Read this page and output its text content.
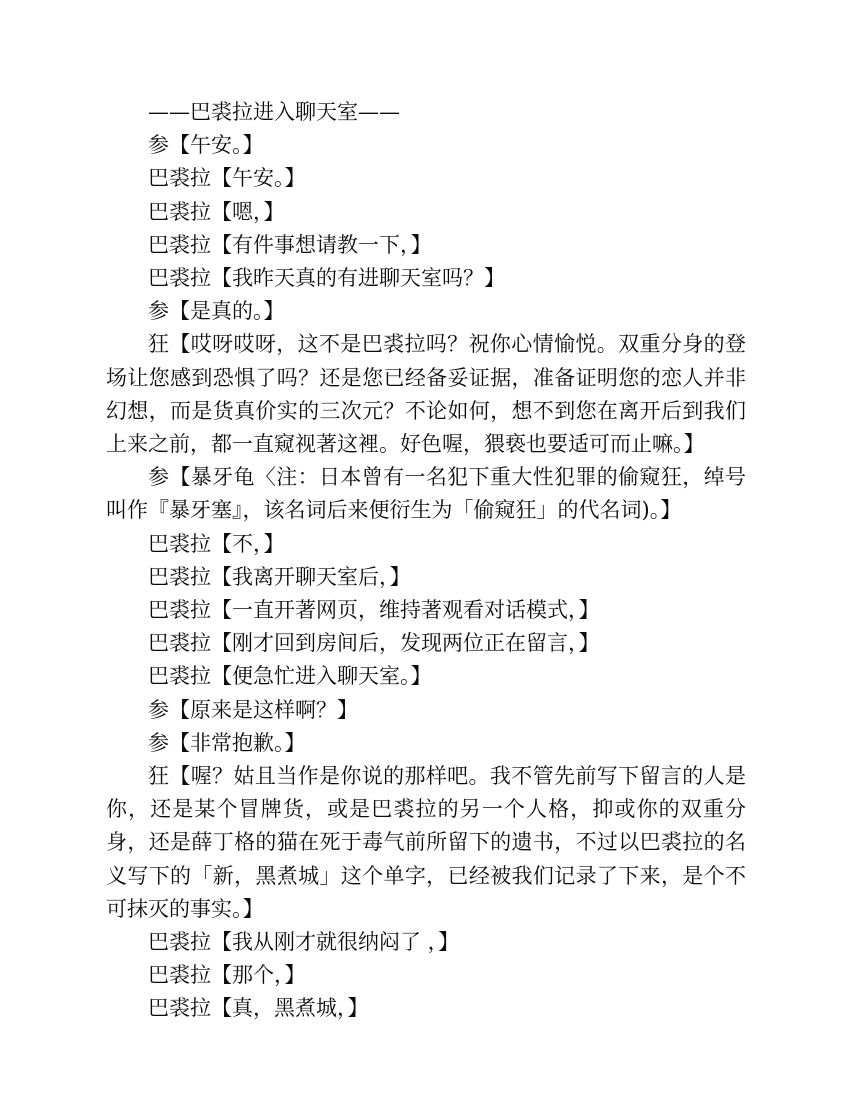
——巴裘拉进入聊天室——

参【午安。】

巴裘拉【午安。】

巴裘拉【嗯，】

巴裘拉【有件事想请教一下，】

巴裘拉【我昨天真的有进聊天室吗？】

参【是真的。】

狂【哎呀哎呀，这不是巴裘拉吗？祝你心情愉悦。双重分身的登场让您感到恐惧了吗？还是您已经备妥证据，准备证明您的恋人并非幻想，而是货真价实的三次元？不论如何，想不到您在离开后到我们上来之前，都一直窥视著这裡。好色喔，猥亵也要适可而止嘛。】

参【暴牙龟〈注：日本曾有一名犯下重大性犯罪的偷窥狂，绰号叫作『暴牙塞』，该名词后来便衍生为「偷窥狂」的代名词)。】

巴裘拉【不，】

巴裘拉【我离开聊天室后，】

巴裘拉【一直开著网页，维持著观看对话模式，】

巴裘拉【刚才回到房间后，发现两位正在留言，】

巴裘拉【便急忙进入聊天室。】

参【原来是这样啊？】

参【非常抱歉。】

狂【喔？姑且当作是你说的那样吧。我不管先前写下留言的人是你，还是某个冒牌货，或是巴裘拉的另一个人格，抑或你的双重分身，还是薛丁格的猫在死于毒气前所留下的遗书，不过以巴裘拉的名义写下的「新，黑煮城」这个单字，已经被我们记录了下来，是个不可抹灭的事实。】

巴裘拉【我从刚才就很纳闷了 ，】

巴裘拉【那个，】

巴裘拉【真，黑煮城，】
